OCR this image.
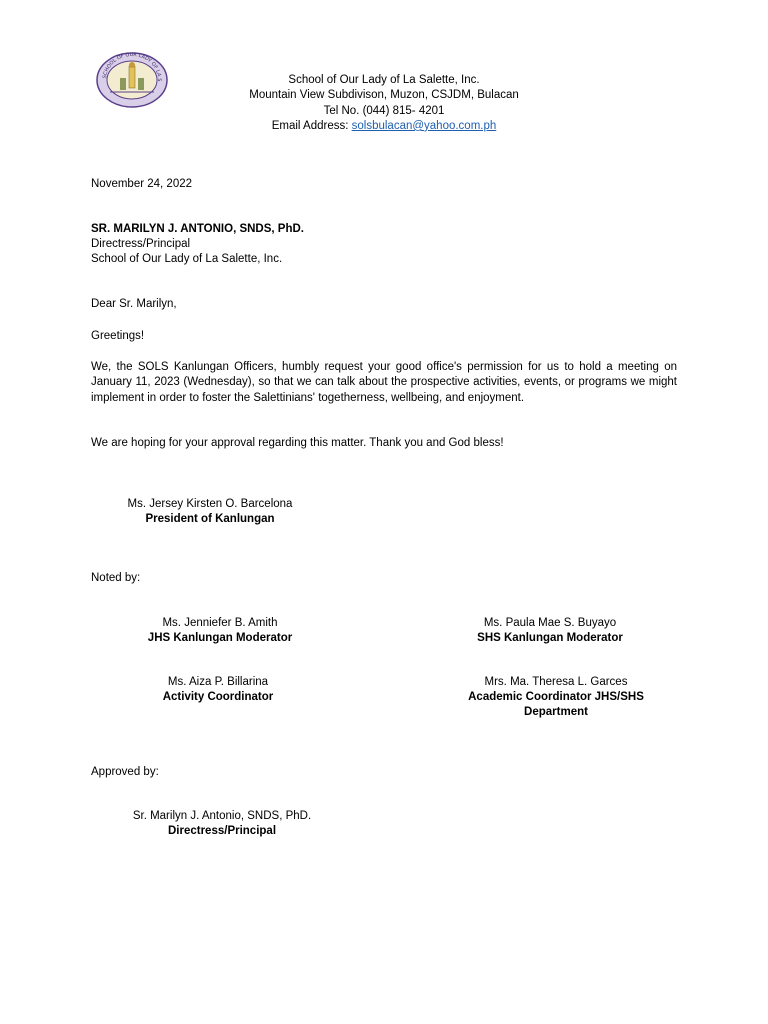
SCHOOL OF OUR LADY OF LA S	School of Our Lady of La Salette, Inc.
Mountain View Subdivison, Muzon, CSJDM, Bulacan
Tel No. (044) 815- 4201
Email Address: solsbulacan@yahoo.com.ph
November 24, 2022
SR. MARILYN J. ANTONIO, SNDS, PhD.
Directress/Principal
School of Our Lady of La Salette, Inc.
Dear Sr. Marilyn,
Greetings!
We, the SOLS Kanlungan Officers, humbly request your good office's permission for us to hold a meeting on January 11, 2023 (Wednesday), so that we can talk about the prospective activities, events, or programs we might implement in order to foster the Salettinians' togetherness, wellbeing, and enjoyment.
We are hoping for your approval regarding this matter. Thank you and God bless!
Ms. Jersey Kirsten O. Barcelona
President of Kanlungan
Noted by:
Ms. Jenniefer B. Amith
JHS Kanlungan Moderator
Ms. Paula Mae S. Buyayo
SHS Kanlungan Moderator
Ms. Aiza P. Billarina
Activity Coordinator
Mrs. Ma. Theresa L. Garces
Academic Coordinator JHS/SHS
Department
Approved by:
Sr. Marilyn J. Antonio, SNDS, PhD.
Directress/Principal
